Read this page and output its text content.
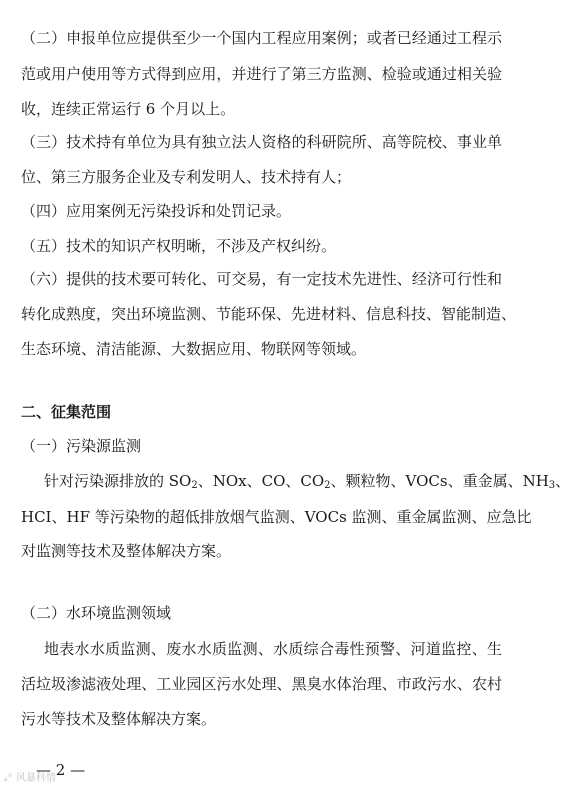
（二）申报单位应提供至少一个国内工程应用案例；或者已经通过工程示
范或用户使用等方式得到应用，并进行了第三方监测、检验或通过相关验
收，连续正常运行 6 个月以上。
（三）技术持有单位为具有独立法人资格的科研院所、高等院校、事业单
位、第三方服务企业及专利发明人、技术持有人；
（四）应用案例无污染投诉和处罚记录。
（五）技术的知识产权明晰，不涉及产权纠纷。
（六）提供的技术要可转化、可交易，有一定技术先进性、经济可行性和
转化成熟度，突出环境监测、节能环保、先进材料、信息科技、智能制造、
生态环境、清洁能源、大数据应用、物联网等领域。
二、征集范围
（一）污染源监测
针对污染源排放的 $SO_2$、NOx、CO、$CO_2$、颗粒物、VOCs、重金属、$NH_3$、
HCI、HF 等污染物的超低排放烟气监测、VOCs 监测、重金属监测、应急比
对监测等技术及整体解决方案。
（二）水环境监测领域
地表水水质监测、废水水质监测、水质综合毒性预警、河道监控、生
活垃圾渗滤液处理、工业园区污水处理、黑臭水体治理、市政污水、农村
污水等技术及整体解决方案。
— 2 —
𝓈° 风暴科情
